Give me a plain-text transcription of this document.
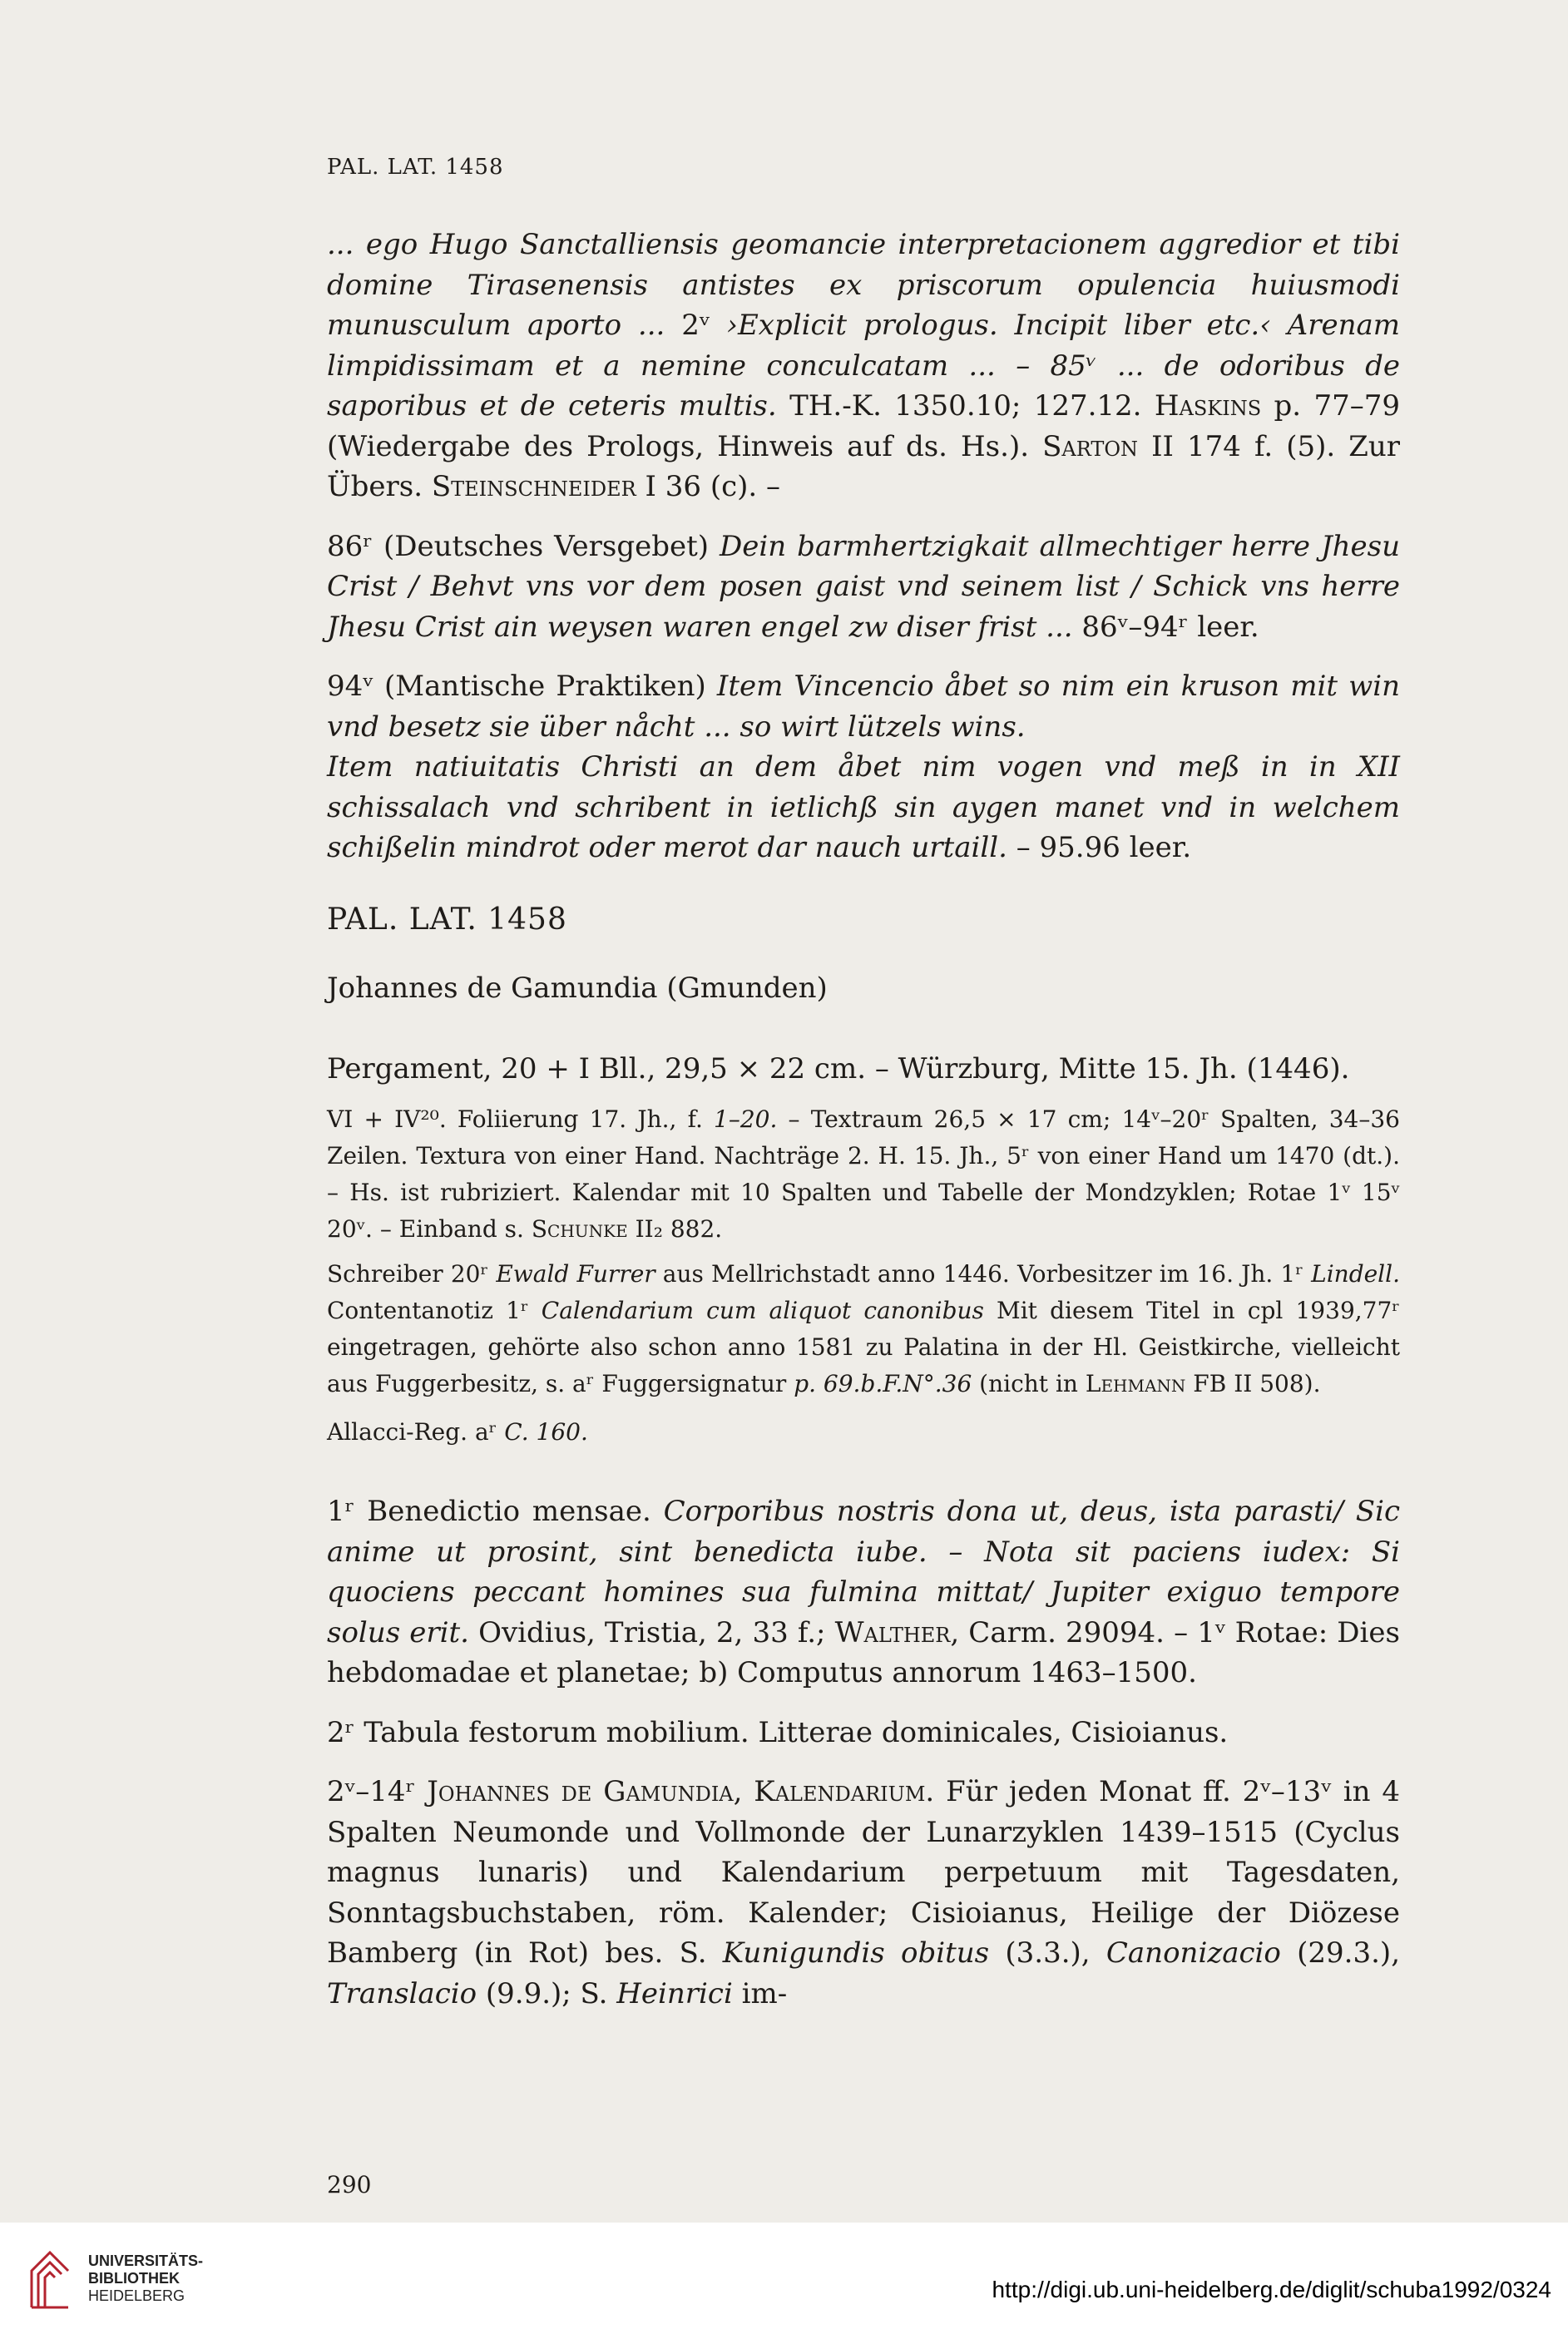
PAL. LAT. 1458

... ego Hugo Sanctalliensis geomancie interpretacionem aggredior et tibi domine Tirasenensis antistes ex priscorum opulencia huiusmodi munusculum aporto ... 2ᵛ ›Explicit prologus. Incipit liber etc.‹ Arenam limpidissimam et a nemine conculcatam ... – 85ᵛ ... de odoribus de saporibus et de ceteris multis. TH.-K. 1350.10; 127.12. Haskins p. 77–79 (Wiedergabe des Prologs, Hinweis auf ds. Hs.). Sarton II 174 f. (5). Zur Übers. Steinschneider I 36 (c). –

86ʳ (Deutsches Versgebet) Dein barmhertzigkait allmechtiger herre Jhesu Crist / Behvt vns vor dem posen gaist vnd seinem list / Schick vns herre Jhesu Crist ain weysen waren engel zw diser frist ... 86ᵛ–94ʳ leer.

94ᵛ (Mantische Praktiken) Item Vincencio åbet so nim ein kruson mit win vnd besetz sie über nåcht ... so wirt lützels wins.

Item natiuitatis Christi an dem åbet nim vogen vnd meß in in XII schissalach vnd schribent in ietlichß sin aygen manet vnd in welchem schißelin mindrot oder merot dar nauch urtaill. – 95.96 leer.

PAL. LAT. 1458
Johannes de Gamundia (Gmunden)
Pergament, 20 + I Bll., 29,5 × 22 cm. – Würzburg, Mitte 15. Jh. (1446).

VI + IV²⁰. Foliierung 17. Jh., f. 1–20. – Textraum 26,5 × 17 cm; 14ᵛ–20ʳ Spalten, 34–36 Zeilen. Textura von einer Hand. Nachträge 2. H. 15. Jh., 5ʳ von einer Hand um 1470 (dt.). – Hs. ist rubriziert. Kalendar mit 10 Spalten und Tabelle der Mondzyklen; Rotae 1ᵛ 15ᵛ 20ᵛ. – Einband s. Schunke II₂ 882.

Schreiber 20ʳ Ewald Furrer aus Mellrichstadt anno 1446. Vorbesitzer im 16. Jh. 1ʳ Lindell. Contentanotiz 1ʳ Calendarium cum aliquot canonibus Mit diesem Titel in cpl 1939,77ʳ eingetragen, gehörte also schon anno 1581 zu Palatina in der Hl. Geistkirche, vielleicht aus Fuggerbesitz, s. aʳ Fuggersignatur p. 69.b.F.N°.36 (nicht in Lehmann FB II 508).

Allacci-Reg. aʳ C. 160.

1ʳ Benedictio mensae. Corporibus nostris dona ut, deus, ista parasti/ Sic anime ut prosint, sint benedicta iube. – Nota sit paciens iudex: Si quociens peccant homines sua fulmina mittat/ Jupiter exiguo tempore solus erit. Ovidius, Tristia, 2, 33 f.; Walther, Carm. 29094. – 1ᵛ Rotae: Dies hebdomadae et planetae; b) Computus annorum 1463–1500.

2ʳ Tabula festorum mobilium. Litterae dominicales, Cisioianus.

2ᵛ–14ʳ Johannes de Gamundia, Kalendarium. Für jeden Monat ff. 2ᵛ–13ᵛ in 4 Spalten Neumonde und Vollmonde der Lunarzyklen 1439–1515 (Cyclus magnus lunaris) und Kalendarium perpetuum mit Tagesdaten, Sonntagsbuchstaben, röm. Kalender; Cisioianus, Heilige der Diözese Bamberg (in Rot) bes. S. Kunigundis obitus (3.3.), Canonizacio (29.3.), Translacio (9.9.); S. Heinrici im-

290
UNIVERSITÄTS-
BIBLIOTHEK
HEIDELBERG	http://digi.ub.uni-heidelberg.de/diglit/schuba1992/0324
